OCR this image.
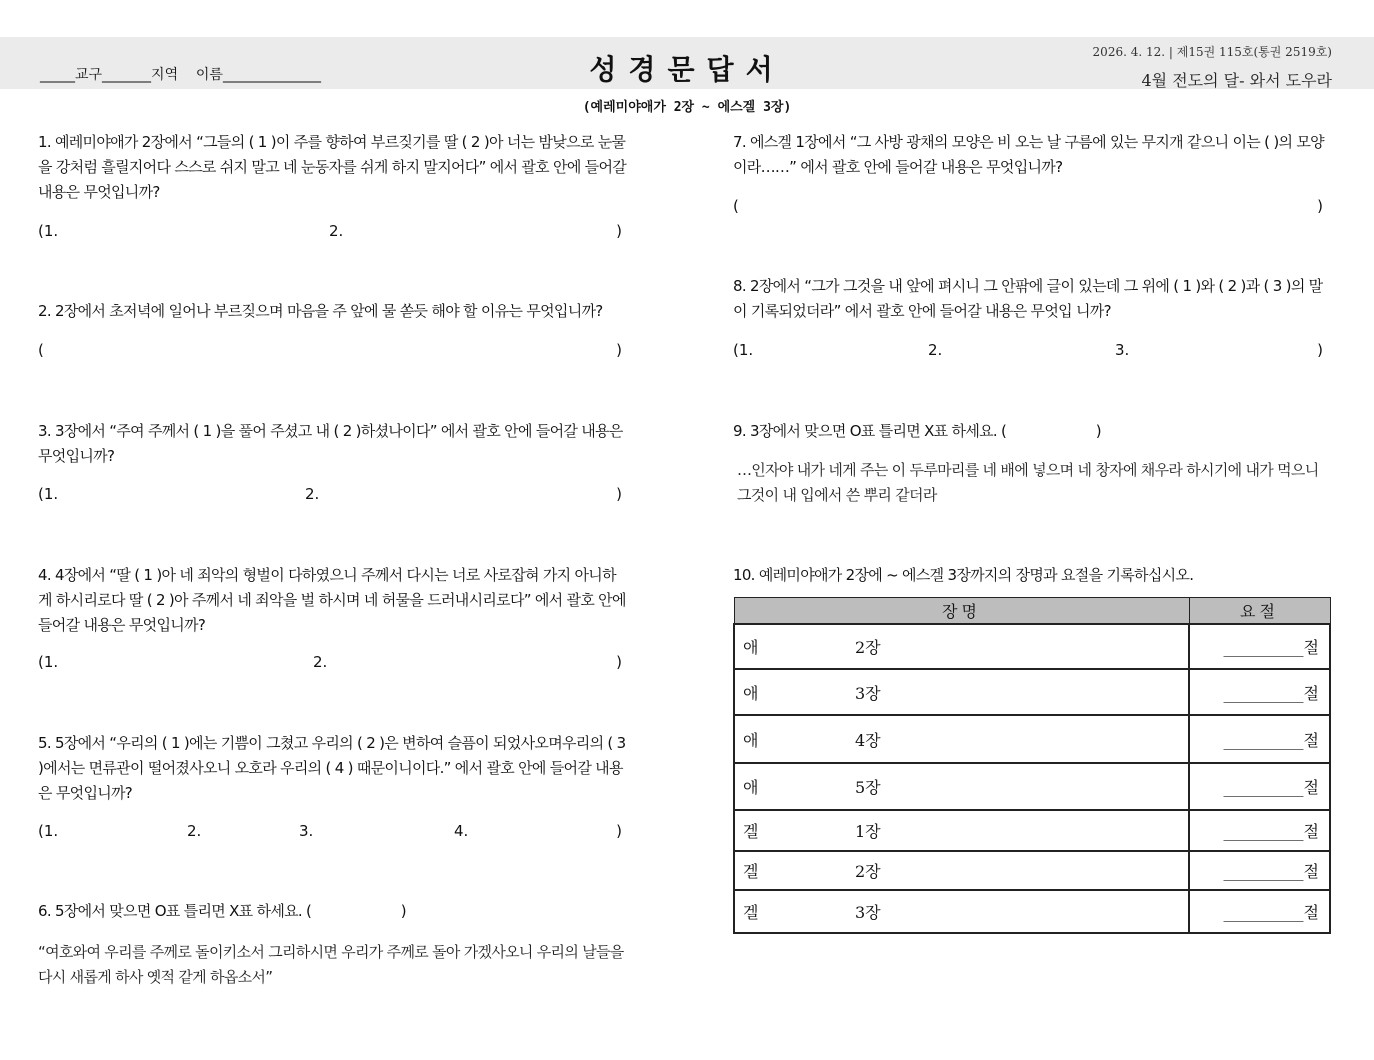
_____교구_______지역    이름______________	성경문답서
2026. 4. 12. | 제15권 115호(통권 2519호)
4월 전도의 달- 와서 도우라
(예레미야애가 2장 ~ 에스겔 3장)
1. 예레미야애가 2장에서 “그들의 ( 1 )이 주를 향하여 부르짖기를 딸 ( 2 )아 너는 밤낮으로 눈물을 강처럼 흘릴지어다 스스로 쉬지 말고 네 눈동자를 쉬게 하지 말지어다” 에서 괄호 안에 들어갈 내용은 무엇입니까?
(1.	2.	)
2. 2장에서 초저녁에 일어나 부르짖으며 마음을 주 앞에 물 쏟듯 해야 할 이유는 무엇입니까?
(	)
3. 3장에서 “주여 주께서 ( 1 )을 풀어 주셨고 내 ( 2 )하셨나이다” 에서 괄호 안에 들어갈 내용은 무엇입니까?
(1.	2.	)
4. 4장에서 “딸 ( 1 )아 네 죄악의 형벌이 다하였으니 주께서 다시는 너로 사로잡혀 가지 아니하게 하시리로다 딸 ( 2 )아 주께서 네 죄악을 벌 하시며 네 허물을 드러내시리로다” 에서 괄호 안에 들어갈 내용은 무엇입니까?
(1.	2.	)
5. 5장에서 “우리의 ( 1 )에는 기쁨이 그쳤고 우리의 ( 2 )은 변하여 슬픔이 되었사오며우리의 ( 3 )에서는 면류관이 떨어졌사오니 오호라 우리의 ( 4 ) 때문이니이다.” 에서 괄호 안에 들어갈 내용은 무엇입니까?
(1.	2.	3.	4.	)
6. 5장에서 맞으면 O표 틀리면 X표 하세요. (                      )
“여호와여 우리를 주께로 돌이키소서 그리하시면 우리가 주께로 돌아 가겠사오니 우리의 날들을 다시 새롭게 하사 옛적 같게 하옵소서”
7. 에스겔 1장에서 “그 사방 광채의 모양은 비 오는 날 구름에 있는 무지개 같으니 이는 ( )의 모양이라……” 에서 괄호 안에 들어갈 내용은 무엇입니까?
(	)
8. 2장에서 “그가 그것을 내 앞에 펴시니 그 안팎에 글이 있는데 그 위에 ( 1 )와 ( 2 )과 ( 3 )의 말이 기록되었더라” 에서 괄호 안에 들어갈 내용은 무엇입 니까?
(1.	2.	3.	)
9. 3장에서 맞으면 O표 틀리면 X표 하세요. (                      )
…인자야 내가 네게 주는 이 두루마리를 네 배에 넣으며 네 창자에 채우라 하시기에 내가 먹으니 그것이 내 입에서 쓴 뿌리 같더라
10. 예레미야애가 2장에 ~ 에스겔 3장까지의 장명과 요절을 기록하십시오.
장명	요절
애 2장	__________절
애 3장	__________절
애 4장	__________절
애 5장	__________절
겔 1장	__________절
겔 2장	__________절
겔 3장	__________절
